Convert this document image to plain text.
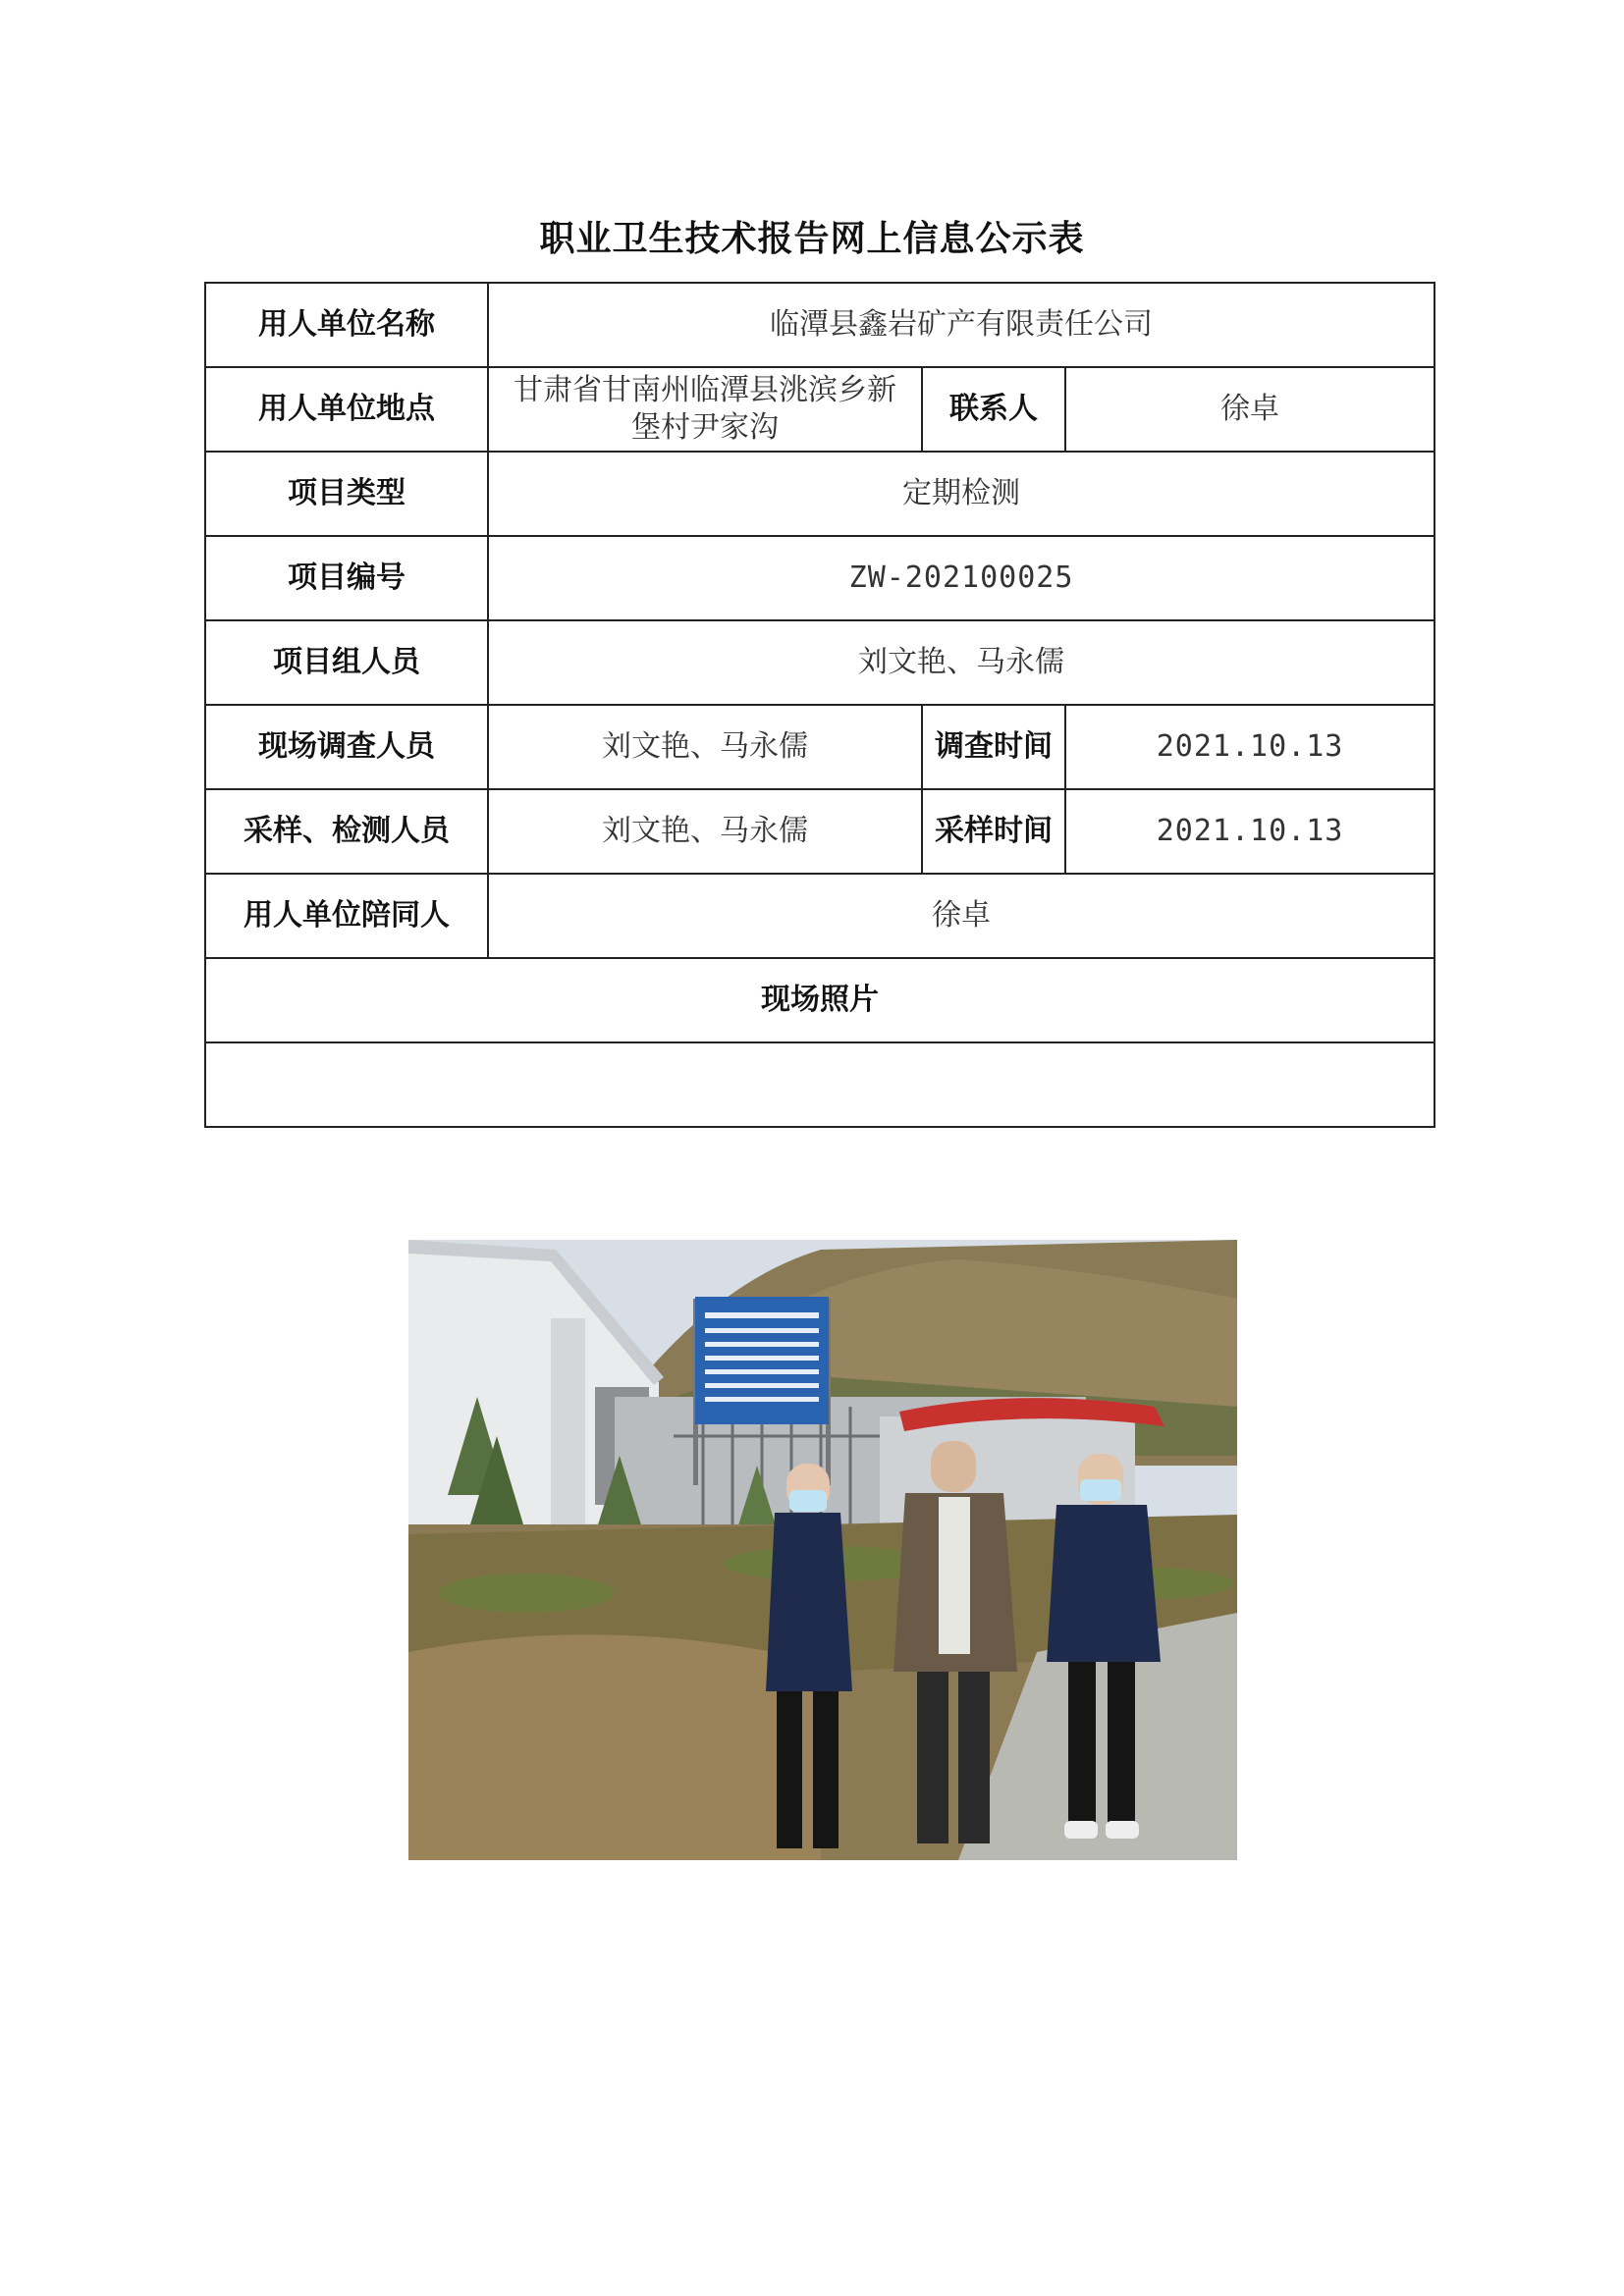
职业卫生技术报告网上信息公示表
用人单位名称	临潭县鑫岩矿产有限责任公司		
用人单位地点	甘肃省甘南州临潭县洮滨乡新堡村尹家沟	联系人	徐卓
项目类型	定期检测		
项目编号	ZW-202100025		
项目组人员	刘文艳、马永儒		
现场调查人员	刘文艳、马永儒	调查时间	2021.10.13
采样、检测人员	刘文艳、马永儒	采样时间	2021.10.13
用人单位陪同人	徐卓		
现场照片			
